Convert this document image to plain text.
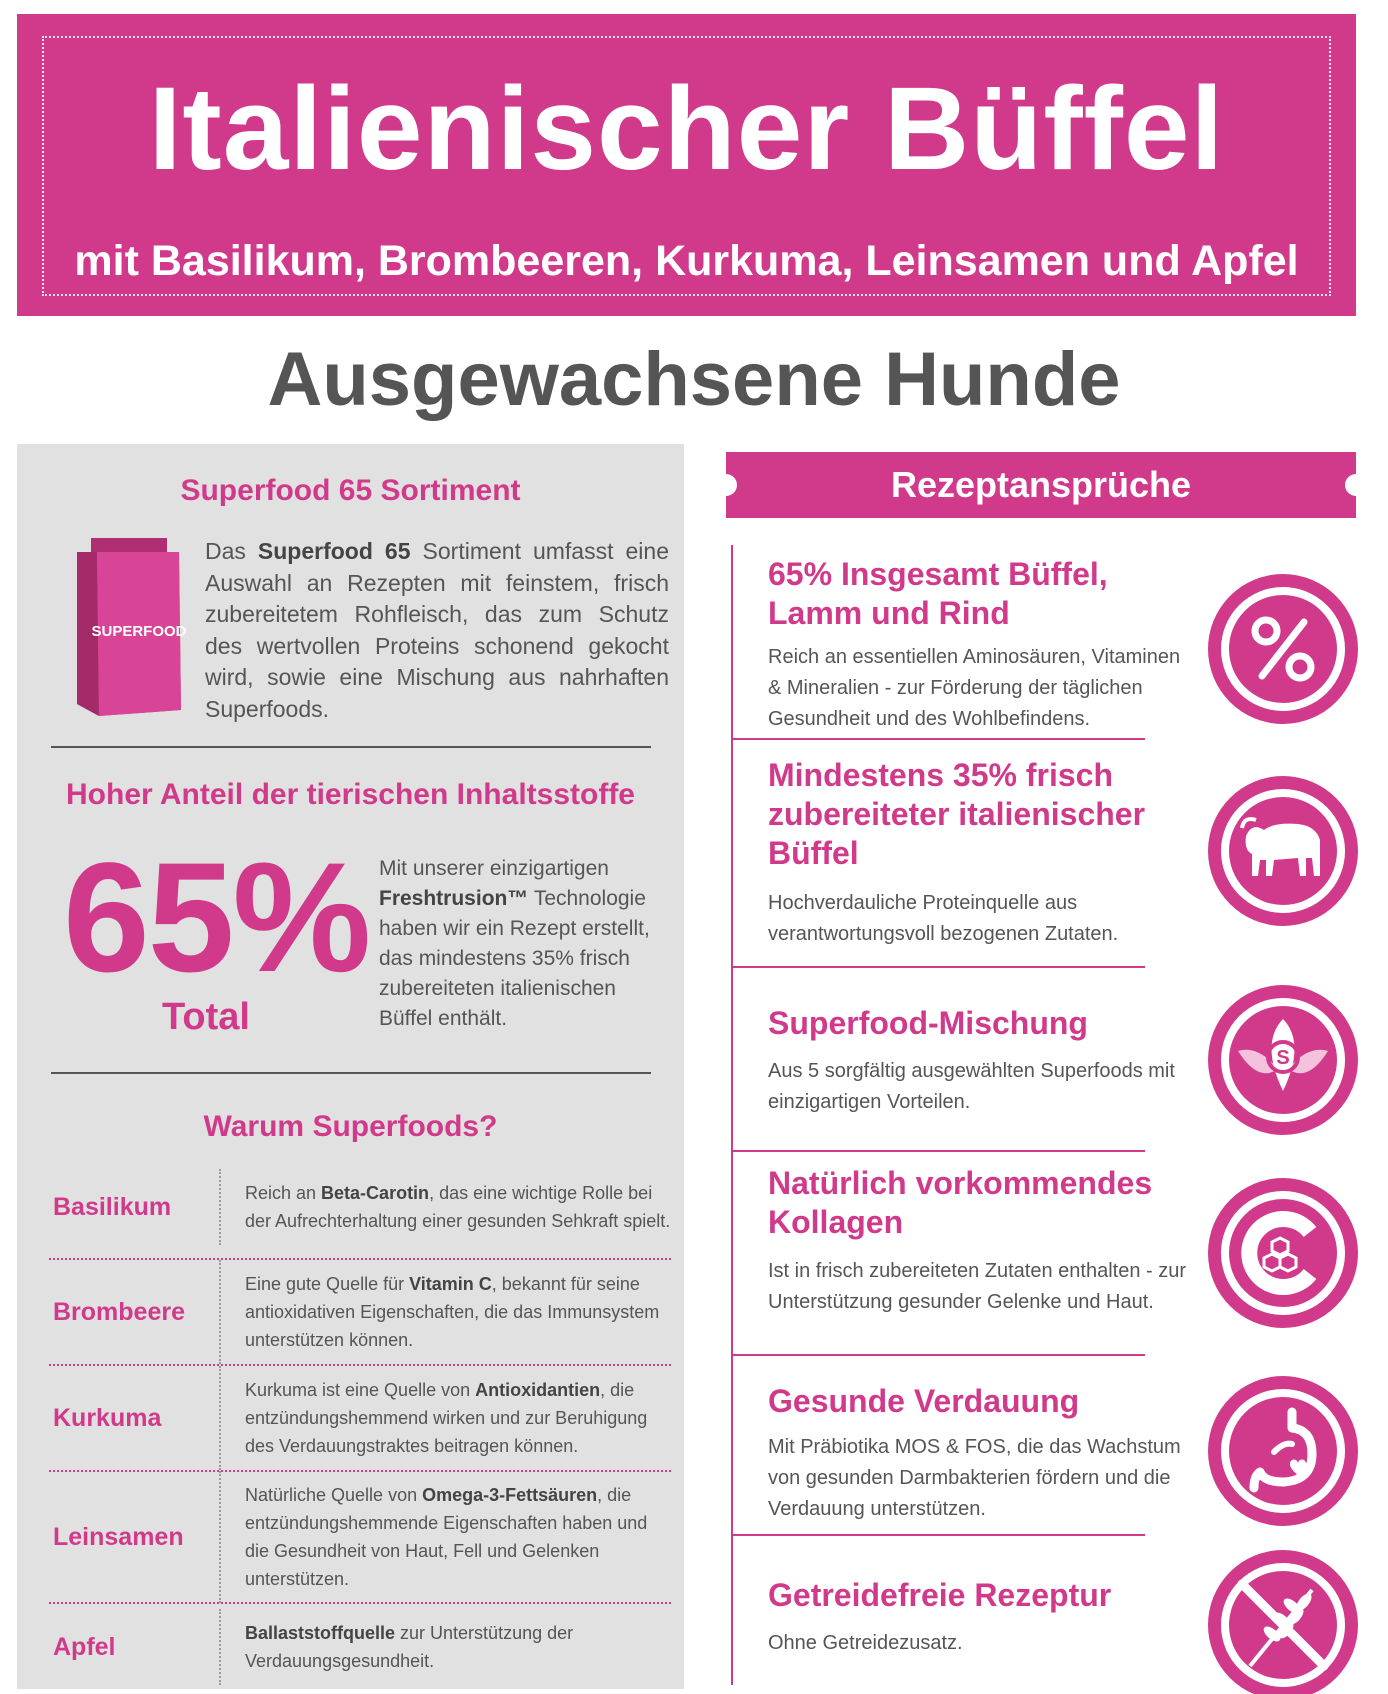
Italienischer Büffel
mit Basilikum, Brombeeren, Kurkuma, Leinsamen und Apfel
Ausgewachsene Hunde
Superfood 65 Sortiment
SUPERFOOD
Das Superfood 65 Sortiment umfasst eine Auswahl an Rezepten mit feinstem, frisch zubereitetem Rohfleisch, das zum Schutz des wertvollen Proteins schonend gekocht wird, sowie eine Mischung aus nahrhaften Superfoods.
Hoher Anteil der tierischen Inhaltsstoffe
65%
Total
Mit unserer einzigartigen Freshtrusion™ Technologie haben wir ein Rezept erstellt, das mindestens 35% frisch zubereiteten italienischen Büffel enthält.
Warum Superfoods?
Basilikum	Reich an Beta-Carotin, das eine wichtige Rolle bei der Aufrechterhaltung einer gesunden Sehkraft spielt.
Brombeere
Eine gute Quelle für Vitamin C, bekannt für seine antioxidativen Eigenschaften, die das Immunsystem unterstützen können.
Kurkuma
Kurkuma ist eine Quelle von Antioxidantien, die entzündungshemmend wirken und zur Beruhigung des Verdauungstraktes beitragen können.
Leinsamen
Natürliche Quelle von Omega-3-Fettsäuren, die entzündungshemmende Eigenschaften haben und die Gesundheit von Haut, Fell und Gelenken unterstützen.
Apfel	Ballaststoffquelle zur Unterstützung der Verdauungsgesundheit.
Rezeptansprüche
65% Insgesamt Büffel, Lamm und Rind
Reich an essentiellen Aminosäuren, Vitaminen & Mineralien - zur Förderung der täglichen Gesundheit und des Wohlbefindens.
Mindestens 35% frisch zubereiteter italienischer Büffel
Hochverdauliche Proteinquelle aus verantwortungsvoll bezogenen Zutaten.
Superfood-Mischung
Aus 5 sorgfältig ausgewählten Superfoods mit einzigartigen Vorteilen.
S
Natürlich vorkommendes Kollagen
Ist in frisch zubereiteten Zutaten enthalten - zur Unterstützung gesunder Gelenke und Haut.
Gesunde Verdauung
Mit Präbiotika MOS & FOS, die das Wachstum von gesunden Darmbakterien fördern und die Verdauung unterstützen.
Getreidefreie Rezeptur
Ohne Getreidezusatz.
